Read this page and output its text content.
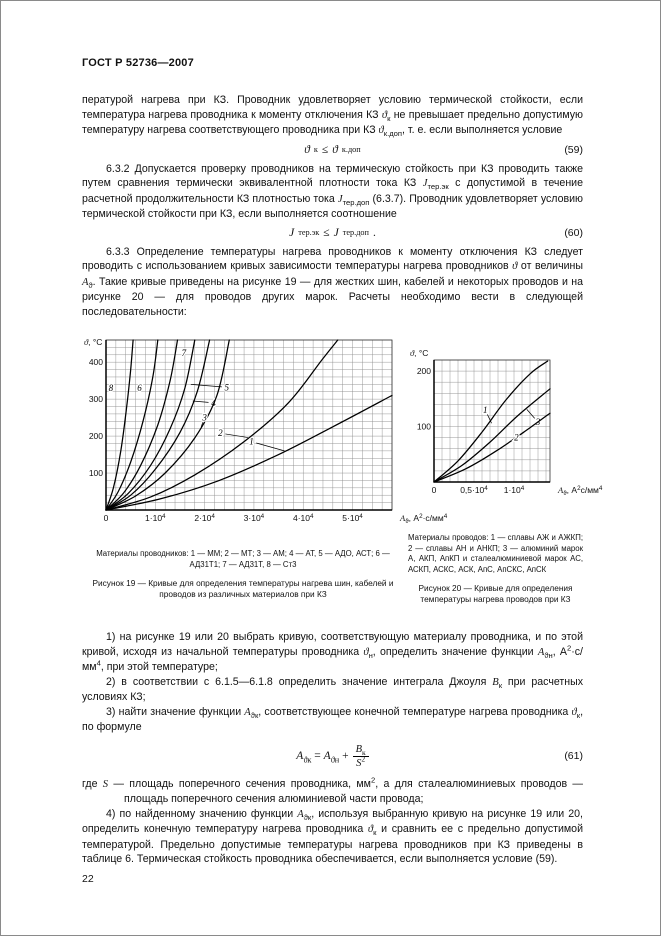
ГОСТ Р 52736—2007

пературой нагрева при КЗ. Проводник удовлетворяет условию термической стойкости, если температура нагрева проводника к моменту отключения КЗ $ϑ_к$ не превышает предельно допустимую температуру нагрева соответствующего проводника при КЗ $ϑ_{к.доп}$, т. е. если выполняется условие

ϑ к ≤ ϑ к.доп	(59)

6.3.2 Допускается проверку проводников на термическую стойкость при КЗ проводить также путем сравнения термически эквивалентной плотности тока КЗ $J_{тер.эк}$ с допустимой в течение расчетной продолжительности КЗ плотностью тока $J_{тер.доп}$ (6.3.7). Проводник удовлетворяет условию термической стойкости при КЗ, если выполняется соотношение

J тер.эк ≤ J тер.доп .	(60)

6.3.3 Определение температуры нагрева проводников к моменту отключения КЗ следует проводить с использованием кривых зависимости температуры нагрева проводников ϑ от величины $A_ϑ$. Такие кривые приведены на рисунке 19 — для жестких шин, кабелей и некоторых проводов и на рисунке 20 — для проводов других марок. Расчеты необходимо вести в следующей последовательности:

100
200
300
400
0	$1\cdot 10^4$	$2\cdot 10^4$	$3\cdot 10^4$	$4\cdot 10^4$	$5\cdot 10^4$
ϑ, °С
$A_ϑ$, $А^2\cdot с/мм^4$
8	6
7
5
4
3
2
1

Материалы проводников: 1 — ММ; 2 — МТ; 3 — АМ; 4 — АТ, 5 — АДО, АСТ; 6 — АД31Т1; 7 — АД31Т, 8 — Ст3

Рисунок 19 — Кривые для определения температуры нагрева шин, кабелей и проводов из различных материалов при КЗ

100
200
0	$0,5\cdot 10^4$ $1\cdot 10^4$
ϑ, °С
$A_ϑ$, $А^2с/мм^4$
1
3
2

Материалы проводов: 1 — сплавы АЖ и АЖКП; 2 — сплавы АН и АНКП; 3 — алюминий марок А, АКП, АпКП и сталеалюминиевой марок АС, АСКП, АСКС, АСК, АпС, АпСКС, АпСК

Рисунок 20 — Кривые для определения температуры нагрева проводов при КЗ

1) на рисунке 19 или 20 выбрать кривую, соответствующую материалу проводника, и по этой кривой, исходя из начальной температуры проводника $ϑ_н$, определить значение функции $A_{ϑн}$, $А^2\cdot с/мм^4$, при этой температуре;

2) в соответствии с 6.1.5—6.1.8 определить значение интеграла Джоуля $B_к$ при расчетных условиях КЗ;

3) найти значение функции $A_{ϑк}$, соответствующее конечной температуре нагрева проводника $ϑ_к$, по формуле

$A_{ϑк} = A_{ϑн} + \frac{B_к}{S^2}$	(61)

где S — площадь поперечного сечения проводника, $мм^2$, а для сталеалюминиевых проводов — площадь поперечного сечения алюминиевой части провода;

4) по найденному значению функции $A_{ϑк}$, используя выбранную кривую на рисунке 19 или 20, определить конечную температуру нагрева проводника $ϑ_к$ и сравнить ее с предельно допустимой температурой. Предельно допустимые температуры нагрева проводников при КЗ приведены в таблице 6. Термическая стойкость проводника обеспечивается, если выполняется условие (59).

22
